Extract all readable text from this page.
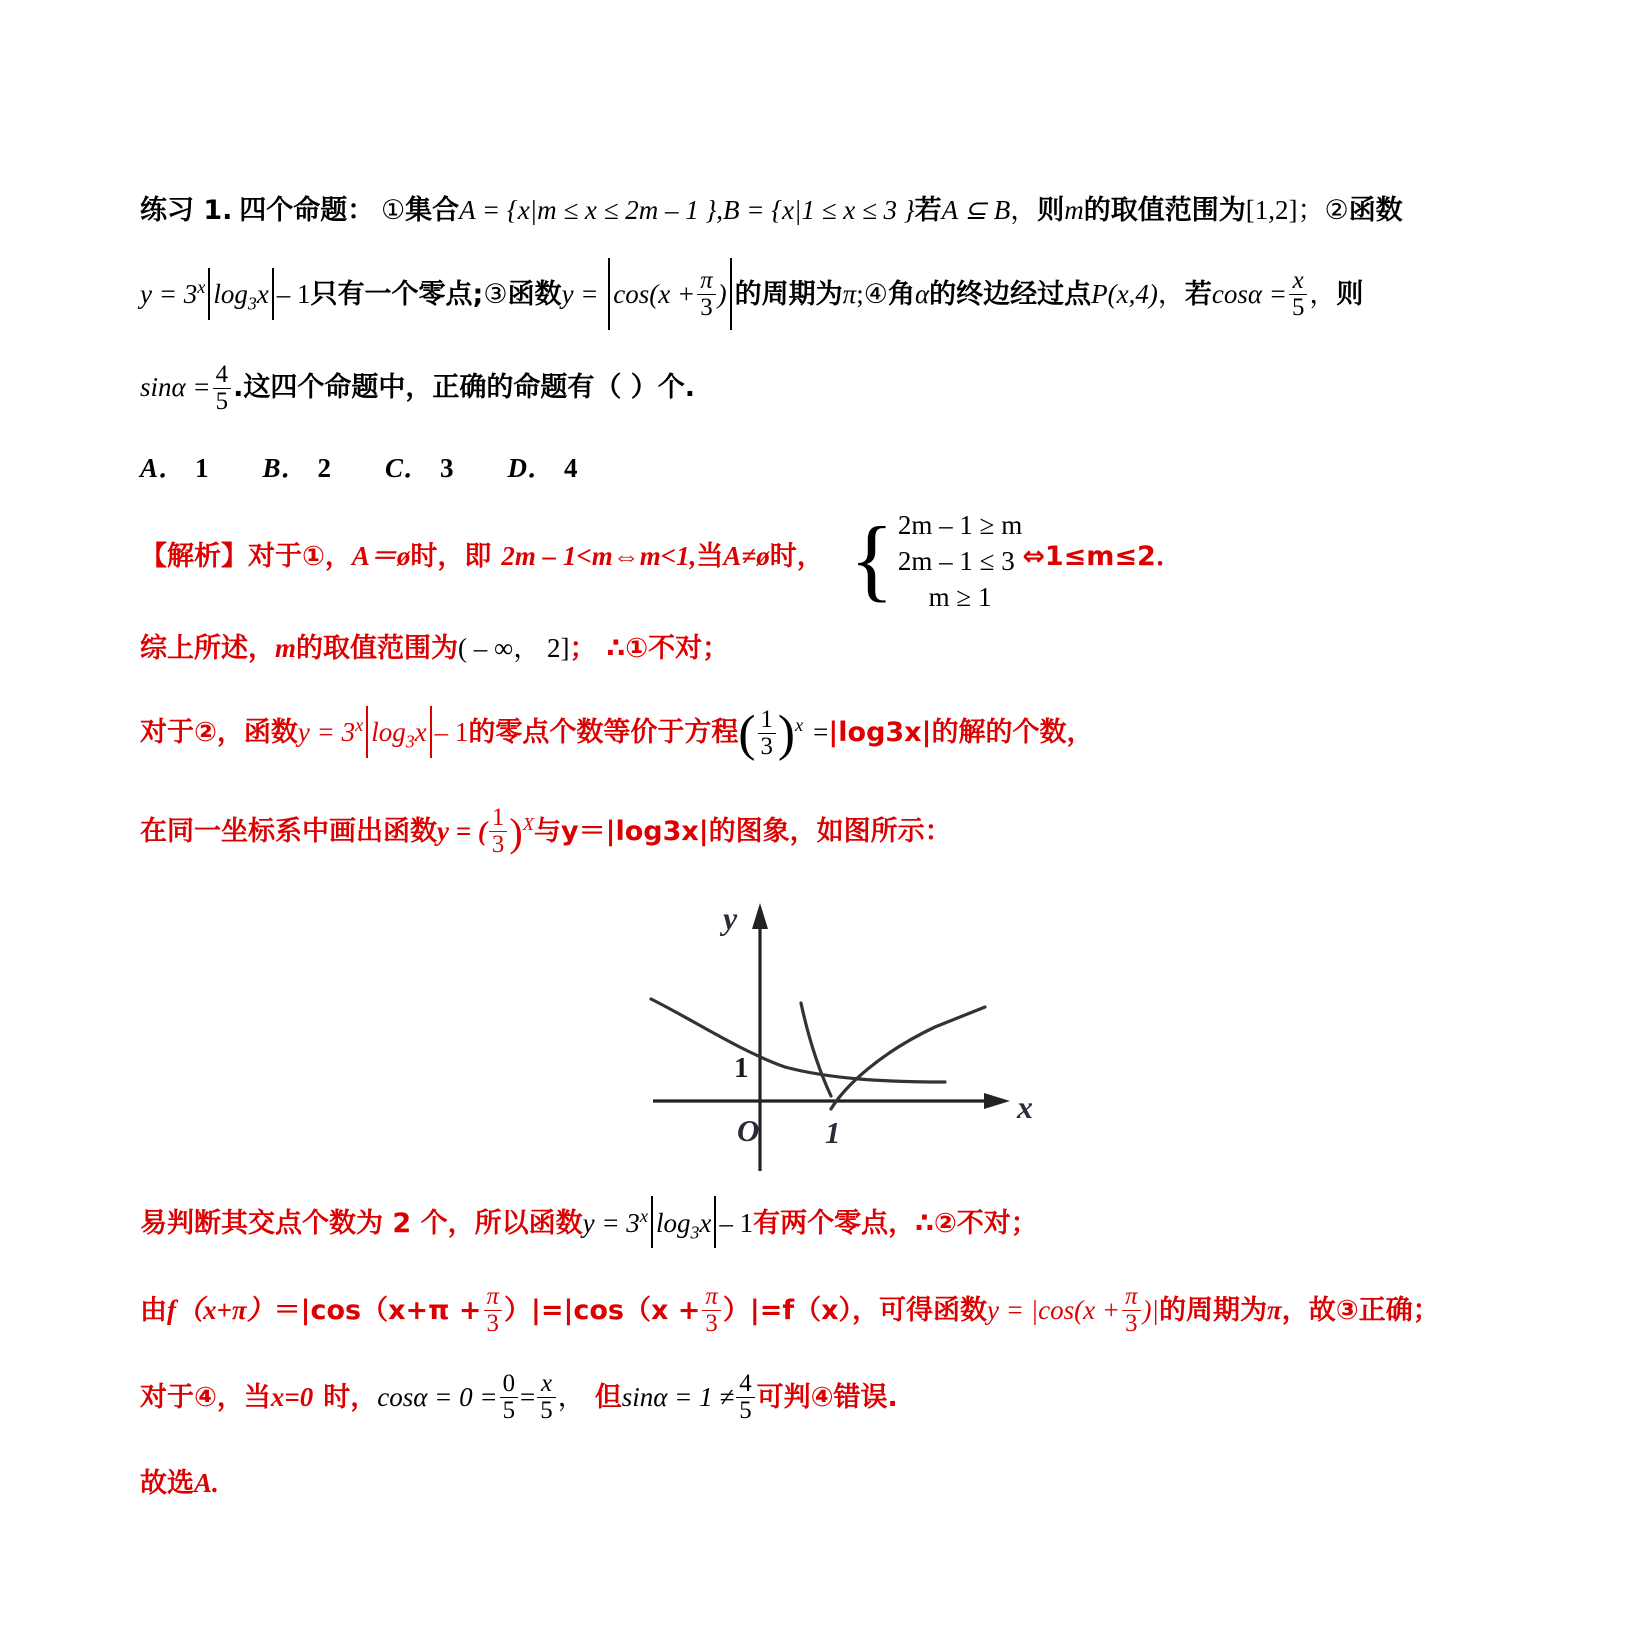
练习 1. 四个命题： ①集合A = {x|m ≤ x ≤ 2m – 1 },B = {x|1 ≤ x ≤ 3 }若A ⊆ B，则m的取值范围为[1,2]；②函数
$y = 3^x$ $\log_3x - 1$只有一个零点;③函数$y = \cos(x + \frac{\pi}{3}$ ) 的周期为π;④角α的终边经过点P(x,4)，若$\cos\alpha = \frac{x}{5}$ ，则
$\sin\alpha = \frac{4}{5}$ .这四个命题中，正确的命题有（ ）个.
A． 1 B． 2 C． 3 D． 4
【解析】对于①，A＝ø时，即 2m – 1<m⇔m<1,当A≠ø时， { 2m – 1 ≥ m
2m – 1 ≤ 3
m ≥ 1
⇔1≤m≤2．
综上所述，m的取值范围为( – ∞， 2]； ∴①不对；
对于②，函数$y = 3^x$ $\log_3x - 1$的零点个数等价于方程( $\frac{1}{3} )^x =|\log 3x|$的解的个数，
在同一坐标系中画出函数y = ( $\frac{1}{3} )^X$与y＝|log3x|的图象，如图所示：
1
y
x
O 1
易判断其交点个数为 2 个，所以函数$y = 3^x$ $\log_3x - 1$有两个零点，∴②不对；
由$f(x+\pi)=|\cos(x+\pi + \frac{\pi}{3} )|=|\cos(x + \frac{\pi}{3} )|=f(x)$，可得函数$y = |\cos(x + \frac{\pi}{3}$ )|的周期为π，故③正确；
对于④，当x=0 时，$\cos\alpha = 0 = \frac{0}{5} = \frac{x}{5}$ ， 但$\sin\alpha = 1 \ne \frac{4}{5}$ 可判④错误.
故选A.
